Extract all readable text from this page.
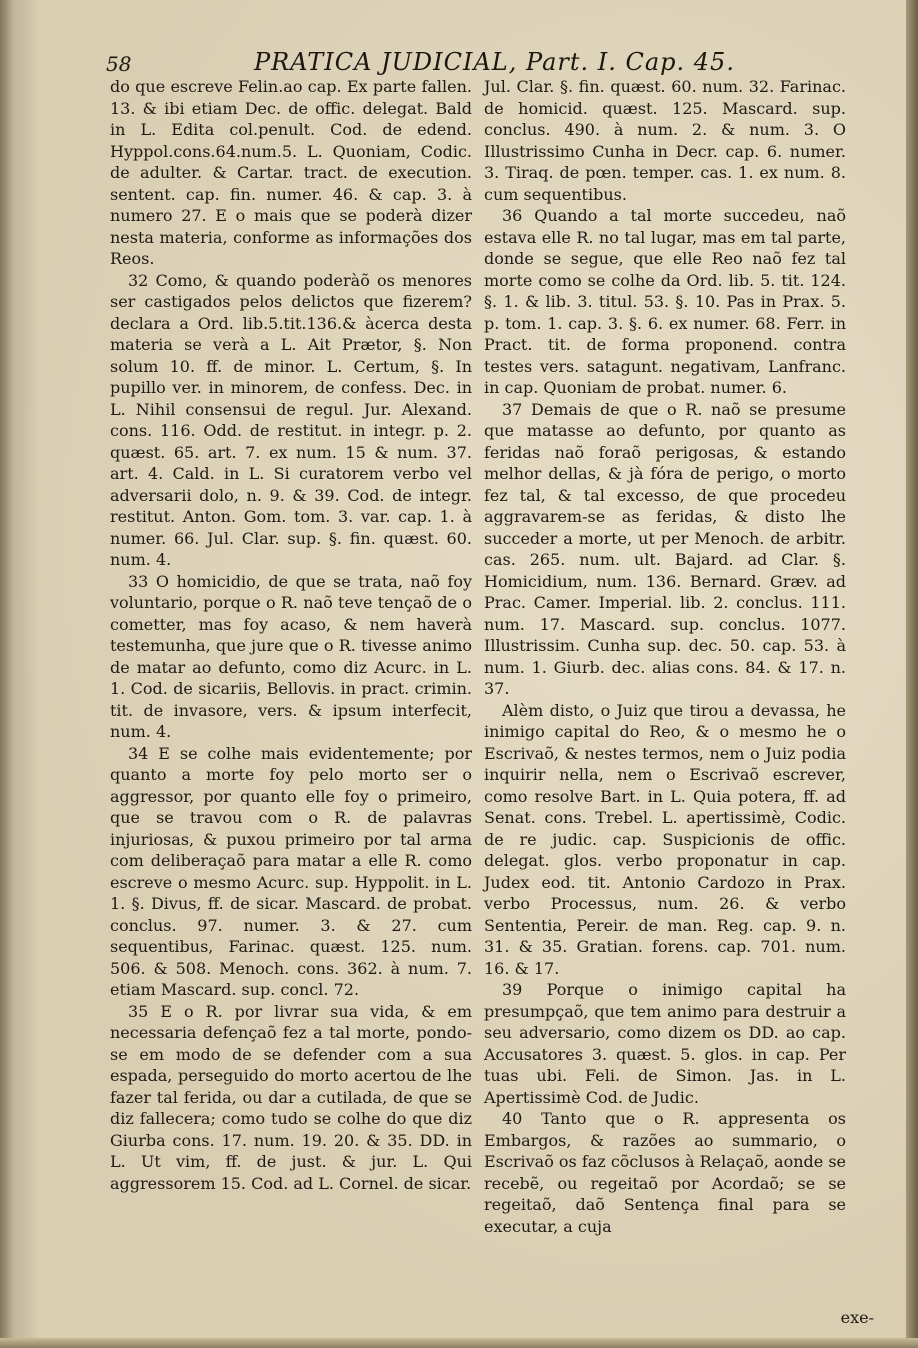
58	PRATICA JUDICIAL, Part. I. Cap. 45.

do que escreve Felin.ao cap. Ex parte fallen. 13. & ibi etiam Dec. de offic. delegat. Bald in L. Edita col.penult. Cod. de edend. Hyppol.cons.64.num.5. L. Quoniam, Codic. de adulter. & Cartar. tract. de execution. sentent. cap. fin. numer. 46. & cap. 3. à numero 27. E o mais que se poderà dizer nesta materia, conforme as informações dos Reos.

32 Como, & quando poderàõ os menores ser castigados pelos delictos que fizerem? declara a Ord. lib.5.tit.136.& àcerca desta materia se verà a L. Ait Prætor, §. Non solum 10. ff. de minor. L. Certum, §. In pupillo ver. in minorem, de confess. Dec. in L. Nihil consensui de regul. Jur. Alexand. cons. 116. Odd. de restitut. in integr. p. 2. quæst. 65. art. 7. ex num. 15 & num. 37. art. 4. Cald. in L. Si curatorem verbo vel adversarii dolo, n. 9. & 39. Cod. de integr. restitut. Anton. Gom. tom. 3. var. cap. 1. à numer. 66. Jul. Clar. sup. §. fin. quæst. 60. num. 4.

33 O homicidio, de que se trata, naõ foy voluntario, porque o R. naõ teve tençaõ de o cometter, mas foy acaso, & nem haverà testemunha, que jure que o R. tivesse animo de matar ao defunto, como diz Acurc. in L. 1. Cod. de sicariis, Bellovis. in pract. crimin. tit. de invasore, vers. & ipsum interfecit, num. 4.

34 E se colhe mais evidentemente; por quanto a morte foy pelo morto ser o aggressor, por quanto elle foy o primeiro, que se travou com o R. de palavras injuriosas, & puxou primeiro por tal arma com deliberaçaõ para matar a elle R. como escreve o mesmo Acurc. sup. Hyppolit. in L. 1. §. Divus, ff. de sicar. Mascard. de probat. conclus. 97. numer. 3. & 27. cum sequentibus, Farinac. quæst. 125. num. 506. & 508. Menoch. cons. 362. à num. 7. etiam Mascard. sup. concl. 72.

35 E o R. por livrar sua vida, & em necessaria defençaõ fez a tal morte, pondo-se em modo de se defender com a sua espada, perseguido do morto acertou de lhe fazer tal ferida, ou dar a cutilada, de que se diz fallecera; como tudo se colhe do que diz Giurba cons. 17. num. 19. 20. & 35. DD. in L. Ut vim, ff. de just. & jur. L. Qui aggressorem 15. Cod. ad L. Cornel. de sicar.

Jul. Clar. §. fin. quæst. 60. num. 32. Farinac. de homicid. quæst. 125. Mascard. sup. conclus. 490. à num. 2. & num. 3. O Illustrissimo Cunha in Decr. cap. 6. numer. 3. Tiraq. de pœn. temper. cas. 1. ex num. 8. cum sequentibus.

36 Quando a tal morte succedeu, naõ estava elle R. no tal lugar, mas em tal parte, donde se segue, que elle Reo naõ fez tal morte como se colhe da Ord. lib. 5. tit. 124. §. 1. & lib. 3. titul. 53. §. 10. Pas in Prax. 5. p. tom. 1. cap. 3. §. 6. ex numer. 68. Ferr. in Pract. tit. de forma proponend. contra testes vers. satagunt. negativam, Lanfranc. in cap. Quoniam de probat. numer. 6.

37 Demais de que o R. naõ se presume que matasse ao defunto, por quanto as feridas naõ foraõ perigosas, & estando melhor dellas, & jà fóra de perigo, o morto fez tal, & tal excesso, de que procedeu aggravarem-se as feridas, & disto lhe succeder a morte, ut per Menoch. de arbitr. cas. 265. num. ult. Bajard. ad Clar. §. Homicidium, num. 136. Bernard. Græv. ad Prac. Camer. Imperial. lib. 2. conclus. 111. num. 17. Mascard. sup. conclus. 1077. Illustrissim. Cunha sup. dec. 50. cap. 53. à num. 1. Giurb. dec. alias cons. 84. & 17. n. 37.

Alèm disto, o Juiz que tirou a devassa, he inimigo capital do Reo, & o mesmo he o Escrivaõ, & nestes termos, nem o Juiz podia inquirir nella, nem o Escrivaõ escrever, como resolve Bart. in L. Quia potera, ff. ad Senat. cons. Trebel. L. apertissimè, Codic. de re judic. cap. Suspicionis de offic. delegat. glos. verbo proponatur in cap. Judex eod. tit. Antonio Cardozo in Prax. verbo Processus, num. 26. & verbo Sententia, Pereir. de man. Reg. cap. 9. n. 31. & 35. Gratian. forens. cap. 701. num. 16. & 17.

39 Porque o inimigo capital ha presumpçaõ, que tem animo para destruir a seu adversario, como dizem os DD. ao cap. Accusatores 3. quæst. 5. glos. in cap. Per tuas ubi. Feli. de Simon. Jas. in L. Apertissimè Cod. de Judic.

40 Tanto que o R. appresenta os Embargos, & razões ao summario, o Escrivaõ os faz cõclusos à Relaçaõ, aonde se recebẽ, ou regeitaõ por Acordaõ; se se regeitaõ, daõ Sentença final para se executar, a cuja

exe-
